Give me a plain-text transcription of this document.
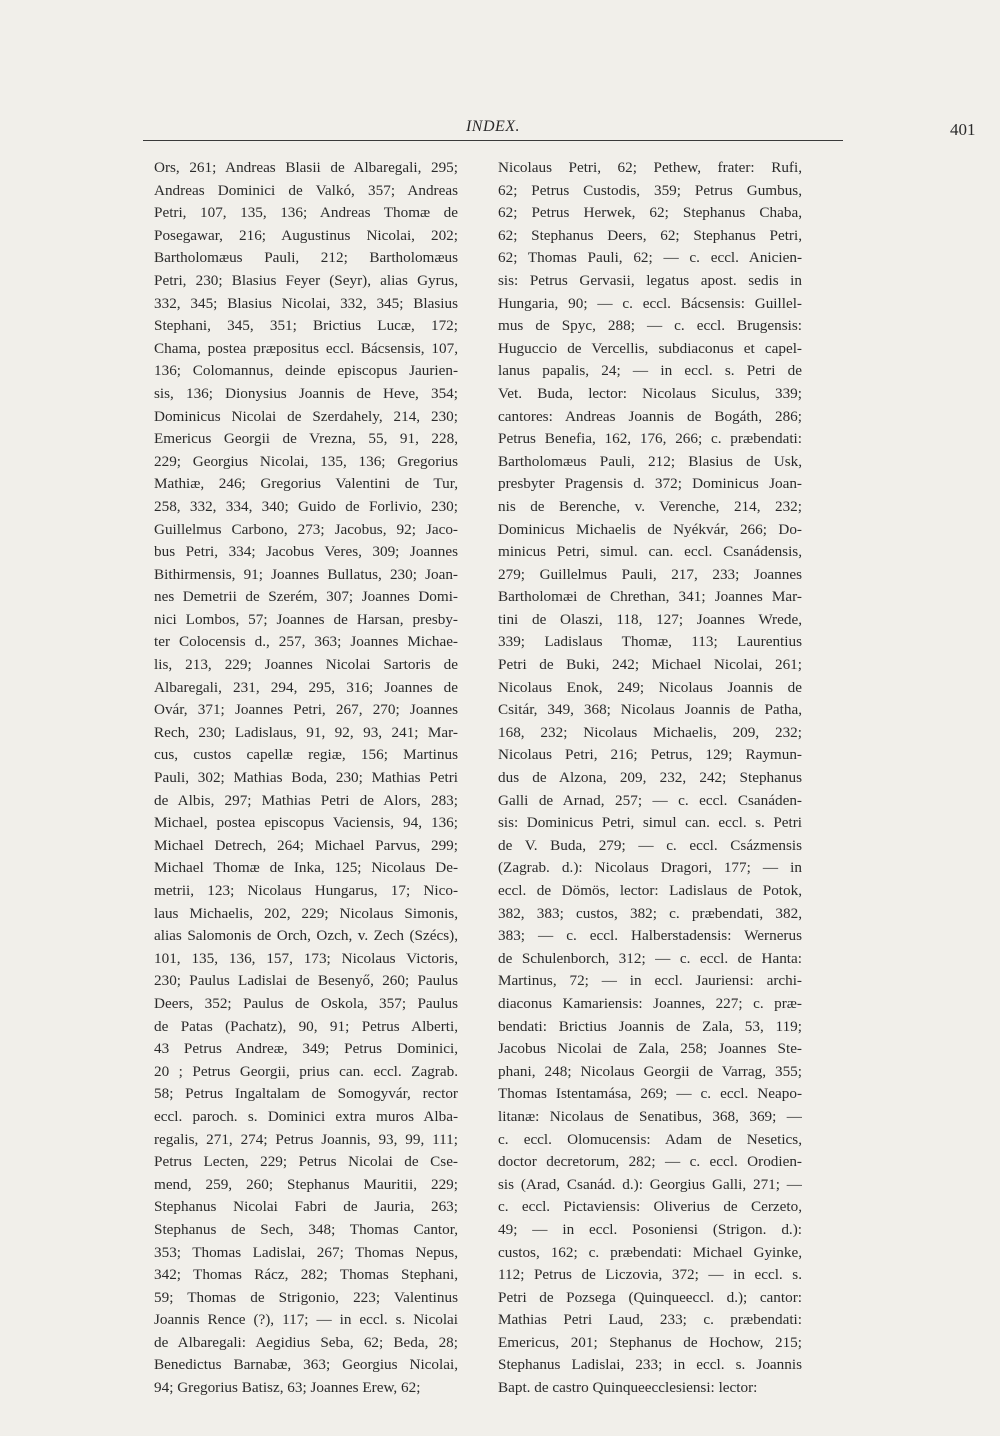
INDEX.	401
Ors, 261; Andreas Blasii de Albaregali, 295;
Andreas Dominici de Valkó, 357; Andreas
Petri, 107, 135, 136; Andreas Thomæ de
Posegawar, 216; Augustinus Nicolai, 202;
Bartholomæus Pauli, 212; Bartholomæus
Petri, 230; Blasius Feyer (Seyr), alias Gyrus,
332, 345; Blasius Nicolai, 332, 345; Blasius
Stephani, 345, 351; Brictius Lucæ, 172;
Chama, postea præpositus eccl. Bácsensis, 107,
136; Colomannus, deinde episcopus Jaurien-
sis, 136; Dionysius Joannis de Heve, 354;
Dominicus Nicolai de Szerdahely, 214, 230;
Emericus Georgii de Vrezna, 55, 91, 228,
229; Georgius Nicolai, 135, 136; Gregorius
Mathiæ, 246; Gregorius Valentini de Tur,
258, 332, 334, 340; Guido de Forlivio, 230;
Guillelmus Carbono, 273; Jacobus, 92; Jaco-
bus Petri, 334; Jacobus Veres, 309; Joannes
Bithirmensis, 91; Joannes Bullatus, 230; Joan-
nes Demetrii de Szerém, 307; Joannes Domi-
nici Lombos, 57; Joannes de Harsan, presby-
ter Colocensis d., 257, 363; Joannes Michae-
lis, 213, 229; Joannes Nicolai Sartoris de
Albaregali, 231, 294, 295, 316; Joannes de
Ovár, 371; Joannes Petri, 267, 270; Joannes
Rech, 230; Ladislaus, 91, 92, 93, 241; Mar-
cus, custos capellæ regiæ, 156; Martinus
Pauli, 302; Mathias Boda, 230; Mathias Petri
de Albis, 297; Mathias Petri de Alors, 283;
Michael, postea episcopus Vaciensis, 94, 136;
Michael Detrech, 264; Michael Parvus, 299;
Michael Thomæ de Inka, 125; Nicolaus De-
metrii, 123; Nicolaus Hungarus, 17; Nico-
laus Michaelis, 202, 229; Nicolaus Simonis,
alias Salomonis de Orch, Ozch, v. Zech (Szécs),
101, 135, 136, 157, 173; Nicolaus Victoris,
230; Paulus Ladislai de Besenyő, 260; Paulus
Deers, 352; Paulus de Oskola, 357; Paulus
de Patas (Pachatz), 90, 91; Petrus Alberti,
43 Petrus Andreæ, 349; Petrus Dominici,
20 ; Petrus Georgii, prius can. eccl. Zagrab.
58; Petrus Ingaltalam de Somogyvár, rector
eccl. paroch. s. Dominici extra muros Alba-
regalis, 271, 274; Petrus Joannis, 93, 99, 111;
Petrus Lecten, 229; Petrus Nicolai de Cse-
mend, 259, 260; Stephanus Mauritii, 229;
Stephanus Nicolai Fabri de Jauria, 263;
Stephanus de Sech, 348; Thomas Cantor,
353; Thomas Ladislai, 267; Thomas Nepus,
342; Thomas Rácz, 282; Thomas Stephani,
59; Thomas de Strigonio, 223; Valentinus
Joannis Rence (?), 117; — in eccl. s. Nicolai
de Albaregali: Aegidius Seba, 62; Beda, 28;
Benedictus Barnabæ, 363; Georgius Nicolai,
94; Gregorius Batisz, 63; Joannes Erew, 62;
Nicolaus Petri, 62; Pethew, frater: Rufi,
62; Petrus Custodis, 359; Petrus Gumbus,
62; Petrus Herwek, 62; Stephanus Chaba,
62; Stephanus Deers, 62; Stephanus Petri,
62; Thomas Pauli, 62; — c. eccl. Anicien-
sis: Petrus Gervasii, legatus apost. sedis in
Hungaria, 90; — c. eccl. Bácsensis: Guillel-
mus de Spyc, 288; — c. eccl. Brugensis:
Huguccio de Vercellis, subdiaconus et capel-
lanus papalis, 24; — in eccl. s. Petri de
Vet. Buda, lector: Nicolaus Siculus, 339;
cantores: Andreas Joannis de Bogáth, 286;
Petrus Benefia, 162, 176, 266; c. præbendati:
Bartholomæus Pauli, 212; Blasius de Usk,
presbyter Pragensis d. 372; Dominicus Joan-
nis de Berenche, v. Verenche, 214, 232;
Dominicus Michaelis de Nyékvár, 266; Do-
minicus Petri, simul. can. eccl. Csanádensis,
279; Guillelmus Pauli, 217, 233; Joannes
Bartholomæi de Chrethan, 341; Joannes Mar-
tini de Olaszi, 118, 127; Joannes Wrede,
339; Ladislaus Thomæ, 113; Laurentius
Petri de Buki, 242; Michael Nicolai, 261;
Nicolaus Enok, 249; Nicolaus Joannis de
Csitár, 349, 368; Nicolaus Joannis de Patha,
168, 232; Nicolaus Michaelis, 209, 232;
Nicolaus Petri, 216; Petrus, 129; Raymun-
dus de Alzona, 209, 232, 242; Stephanus
Galli de Arnad, 257; — c. eccl. Csanáden-
sis: Dominicus Petri, simul can. eccl. s. Petri
de V. Buda, 279; — c. eccl. Csázmensis
(Zagrab. d.): Nicolaus Dragori, 177; — in
eccl. de Dömös, lector: Ladislaus de Potok,
382, 383; custos, 382; c. præbendati, 382,
383; — c. eccl. Halberstadensis: Wernerus
de Schulenborch, 312; — c. eccl. de Hanta:
Martinus, 72; — in eccl. Jauriensi: archi-
diaconus Kamariensis: Joannes, 227; c. præ-
bendati: Brictius Joannis de Zala, 53, 119;
Jacobus Nicolai de Zala, 258; Joannes Ste-
phani, 248; Nicolaus Georgii de Varrag, 355;
Thomas Istentamása, 269; — c. eccl. Neapo-
litanæ: Nicolaus de Senatibus, 368, 369; —
c. eccl. Olomucensis: Adam de Nesetics,
doctor decretorum, 282; — c. eccl. Orodien-
sis (Arad, Csanád. d.): Georgius Galli, 271; —
c. eccl. Pictaviensis: Oliverius de Cerzeto,
49; — in eccl. Posoniensi (Strigon. d.):
custos, 162; c. præbendati: Michael Gyinke,
112; Petrus de Liczovia, 372; — in eccl. s.
Petri de Pozsega (Quinqueeccl. d.); cantor:
Mathias Petri Laud, 233; c. præbendati:
Emericus, 201; Stephanus de Hochow, 215;
Stephanus Ladislai, 233; in eccl. s. Joannis
Bapt. de castro Quinqueecclesiensi: lector:
